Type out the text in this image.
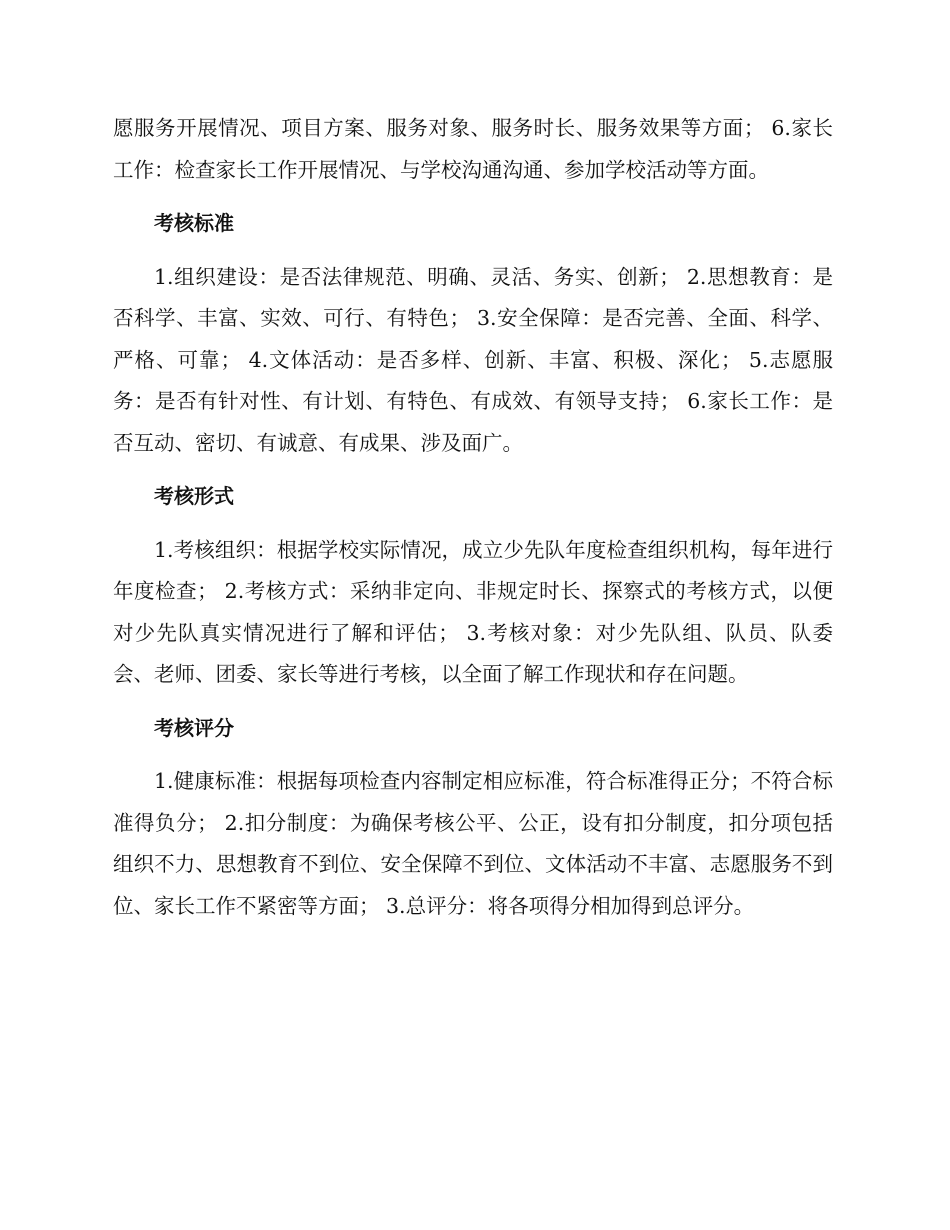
愿服务开展情况、项目方案、服务对象、服务时长、服务效果等方面； 6.家长工作：检查家长工作开展情况、与学校沟通沟通、参加学校活动等方面。

考核标准

1.组织建设：是否法律规范、明确、灵活、务实、创新； 2.思想教育：是否科学、丰富、实效、可行、有特色； 3.安全保障：是否完善、全面、科学、严格、可靠； 4.文体活动：是否多样、创新、丰富、积极、深化； 5.志愿服务：是否有针对性、有计划、有特色、有成效、有领导支持； 6.家长工作：是否互动、密切、有诚意、有成果、涉及面广。

考核形式

1.考核组织：根据学校实际情况，成立少先队年度检查组织机构，每年进行年度检查； 2.考核方式：采纳非定向、非规定时长、探察式的考核方式，以便对少先队真实情况进行了解和评估； 3.考核对象：对少先队组、队员、队委会、老师、团委、家长等进行考核，以全面了解工作现状和存在问题。

考核评分

1.健康标准：根据每项检查内容制定相应标准，符合标准得正分；不符合标准得负分； 2.扣分制度：为确保考核公平、公正，设有扣分制度，扣分项包括组织不力、思想教育不到位、安全保障不到位、文体活动不丰富、志愿服务不到位、家长工作不紧密等方面； 3.总评分：将各项得分相加得到总评分。
